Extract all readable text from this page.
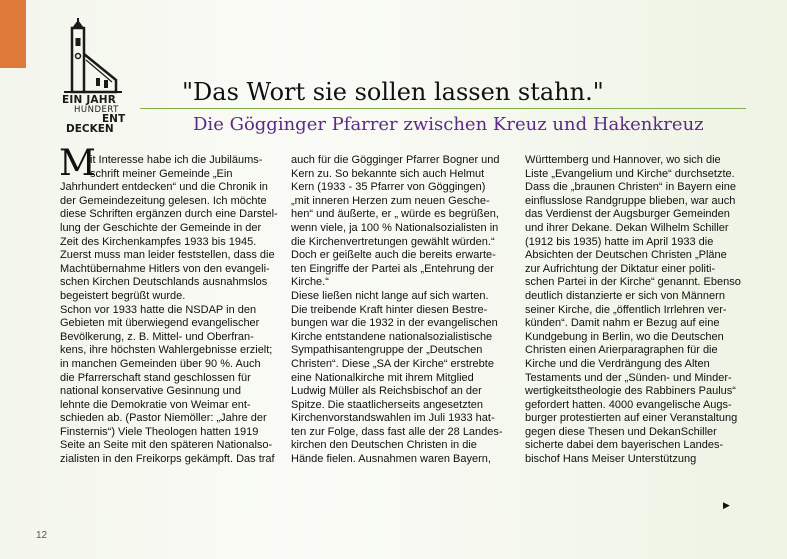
EIN JAHR
HUNDERT
ENT
DECKEN
"Das Wort sie sollen lassen stahn."
Die Gögginger Pfarrer zwischen Kreuz und Hakenkreuz
M
it Interesse habe ich die Jubiläums-
schrift meiner Gemeinde „Ein
Jahrhundert entdecken“ und die Chronik in
der Gemeindezeitung gelesen. Ich möchte
diese Schriften ergänzen durch eine Darstel-
lung der Geschichte der Gemeinde in der
Zeit des Kirchenkampfes 1933 bis 1945.
Zuerst muss man leider feststellen, dass die
Machtübernahme Hitlers von den evangeli-
schen Kirchen Deutschlands ausnahmslos
begeistert begrüßt wurde.
Schon vor 1933 hatte die NSDAP in den
Gebieten mit überwiegend evangelischer
Bevölkerung, z. B. Mittel- und Oberfran-
kens, ihre höchsten Wahlergebnisse erzielt;
in manchen Gemeinden über 90 %. Auch
die Pfarrerschaft stand geschlossen für
national konservative Gesinnung und
lehnte die Demokratie von Weimar ent-
schieden ab. (Pastor Niemöller: „Jahre der
Finsternis“) Viele Theologen hatten 1919
Seite an Seite mit den späteren Nationalso-
zialisten in den Freikorps gekämpft. Das traf
auch für die Gögginger Pfarrer Bogner und
Kern zu. So bekannte sich auch Helmut
Kern (1933 - 35 Pfarrer von Göggingen)
„mit inneren Herzen zum neuen Gesche-
hen“ und äußerte, er „ würde es begrüßen,
wenn viele, ja 100 % Nationalsozialisten in
die Kirchenvertretungen gewählt würden.“
Doch er geißelte auch die bereits erwarte-
ten Eingriffe der Partei als „Entehrung der
Kirche.“
Diese ließen nicht lange auf sich warten.
Die treibende Kraft hinter diesen Bestre-
bungen war die 1932 in der evangelischen
Kirche entstandene nationalsozialistische
Sympathisantengruppe der „Deutschen
Christen“. Diese „SA der Kirche“ erstrebte
eine Nationalkirche mit ihrem Mitglied
Ludwig Müller als Reichsbischof an der
Spitze. Die staatlicherseits angesetzten
Kirchenvorstandswahlen im Juli 1933 hat-
ten zur Folge, dass fast alle der 28 Landes-
kirchen den Deutschen Christen in die
Hände fielen. Ausnahmen waren Bayern,
Württemberg und Hannover, wo sich die
Liste „Evangelium und Kirche“ durchsetzte.
Dass die „braunen Christen“ in Bayern eine
einflusslose Randgruppe blieben, war auch
das Verdienst der Augsburger Gemeinden
und ihrer Dekane. Dekan Wilhelm Schiller
(1912 bis 1935) hatte im April 1933 die
Absichten der Deutschen Christen „Pläne
zur Aufrichtung der Diktatur einer politi-
schen Partei in der Kirche“ genannt. Ebenso
deutlich distanzierte er sich von Männern
seiner Kirche, die „öffentlich Irrlehren ver-
künden“. Damit nahm er Bezug auf eine
Kundgebung in Berlin, wo die Deutschen
Christen einen Arierparagraphen für die
Kirche und die Verdrängung des Alten
Testaments und der „Sünden- und Minder-
wertigkeitstheologie des Rabbiners Paulus“
gefordert hatten. 4000 evangelische Augs-
burger protestierten auf einer Veranstaltung
gegen diese Thesen und DekanSchiller
sicherte dabei dem bayerischen Landes-
bischof Hans Meiser Unterstützung
▶
12
